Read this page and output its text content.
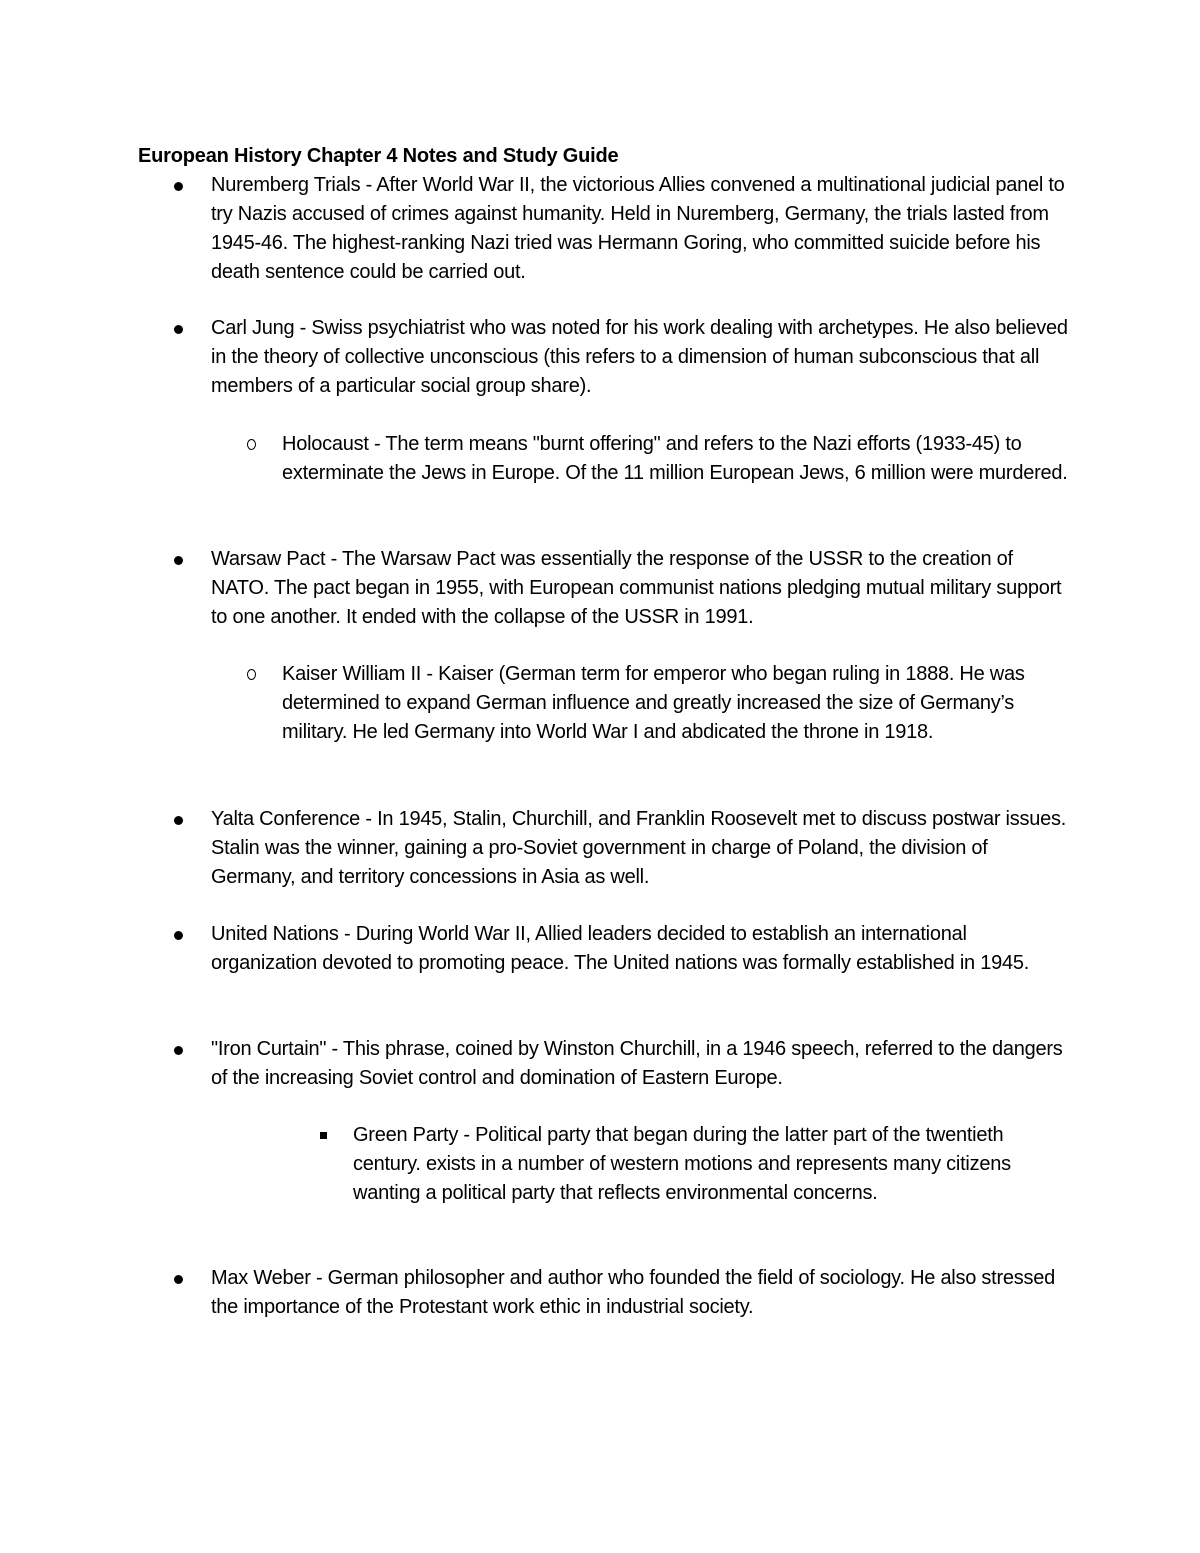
European History Chapter 4 Notes and Study Guide
Nuremberg Trials - After World War II, the victorious Allies convened a multinational judicial panel to try Nazis accused of crimes against humanity. Held in Nuremberg, Germany, the trials lasted from 1945-46. The highest-ranking Nazi tried was Hermann Goring, who committed suicide before his death sentence could be carried out.
Carl Jung - Swiss psychiatrist who was noted for his work dealing with archetypes. He also believed in the theory of collective unconscious (this refers to a dimension of human subconscious that all members of a particular social group share).
Holocaust - The term means "burnt offering" and refers to the Nazi efforts (1933-45) to exterminate the Jews in Europe. Of the 11 million European Jews, 6 million were murdered.
Warsaw Pact - The Warsaw Pact was essentially the response of the USSR to the creation of NATO. The pact began in 1955, with European communist nations pledging mutual military support to one another. It ended with the collapse of the USSR in 1991.
Kaiser William II - Kaiser (German term for emperor who began ruling in 1888. He was determined to expand German influence and greatly increased the size of Germany’s military. He led Germany into World War I and abdicated the throne in 1918.
Yalta Conference - In 1945, Stalin, Churchill, and Franklin Roosevelt met to discuss postwar issues. Stalin was the winner, gaining a pro-Soviet government in charge of Poland, the division of Germany, and territory concessions in Asia as well.
United Nations - During World War II, Allied leaders decided to establish an international organization devoted to promoting peace. The United nations was formally established in 1945.
"Iron Curtain" - This phrase, coined by Winston Churchill, in a 1946 speech, referred to the dangers of the increasing Soviet control and domination of Eastern Europe.
Green Party - Political party that began during the latter part of the twentieth century. exists in a number of western motions and represents many citizens wanting a political party that reflects environmental concerns.
Max Weber - German philosopher and author who founded the field of sociology. He also stressed the importance of the Protestant work ethic in industrial society.
